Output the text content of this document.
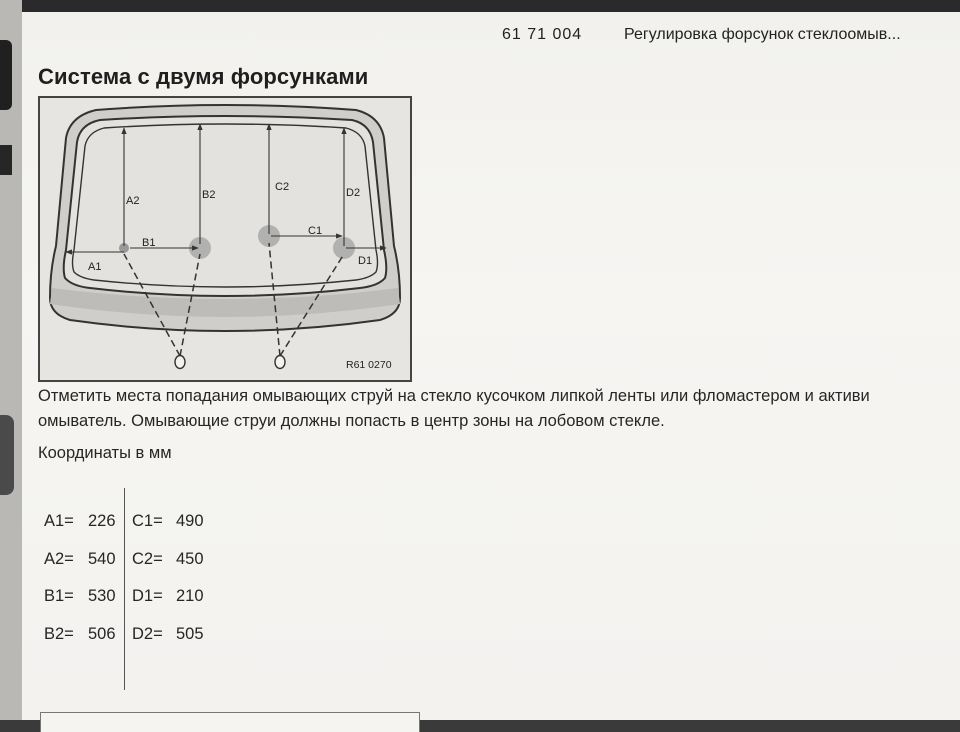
61 71 004	Регулировка форсунок стеклоомыв...
Система с двумя форсунками
A2	B2
C2	D2
A1
B1
C1
D1
R61 0270

Отметить места попадания омывающих струй на стекло кусочком липкой ленты или фломастером и активи
омыватель. Омывающие струи должны попасть в центр зоны на лобовом стекле.

Координаты в мм

A1= 226 C1= 490
A2= 540 C2= 450
B1= 530 D1= 210
B2= 506 D2= 505
